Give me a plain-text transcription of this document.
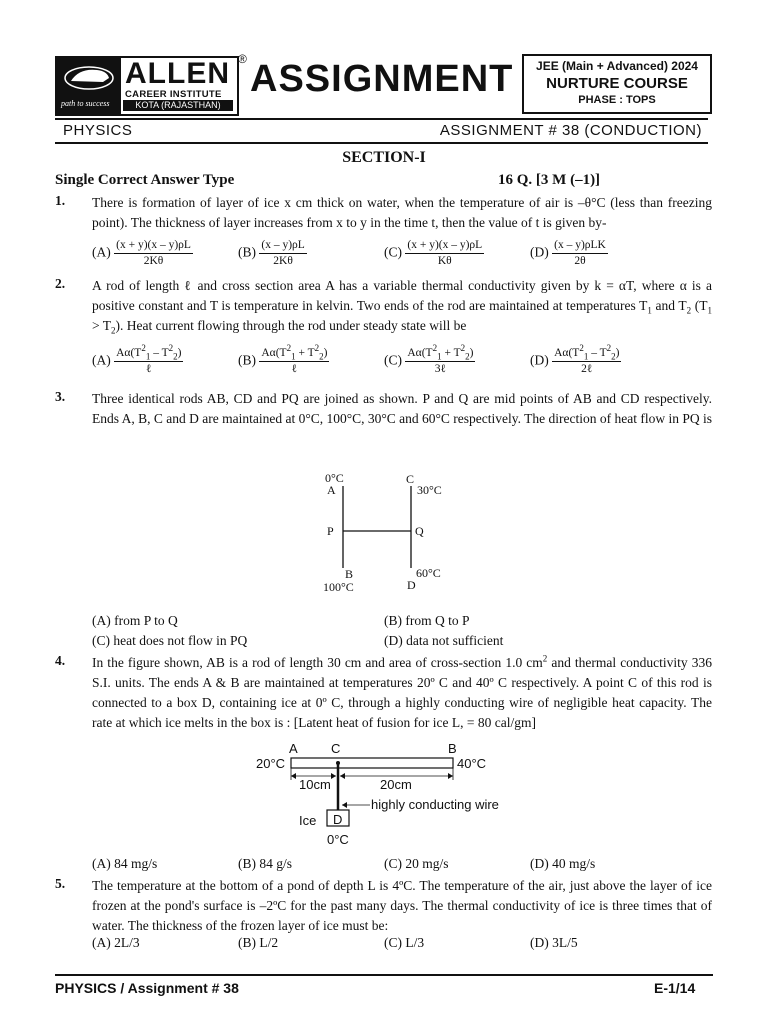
path to success
ALLEN
CAREER INSTITUTE
KOTA (RAJASTHAN)
® ASSIGNMENT	JEE (Main + Advanced) 2024
NURTURE COURSE
PHASE : TOPS
PHYSICS	ASSIGNMENT # 38 (CONDUCTION)
SECTION-I
Single Correct Answer Type	16 Q. [3 M (–1)]
1. There is formation of layer of ice x cm thick on water, when the temperature of air is –θ°C (less than freezing point). The thickness of layer increases from x to y in the time t, then the value of t is given by-
$(A) \frac{(x + y)(x - y)\rho L}{2K\theta}$	$(B) \frac{(x - y)\rho L}{2K\theta}$	$(C) \frac{(x + y)(x - y)\rho L}{K\theta}$	$(D) \frac{\text{(x – y)ρLK}}{2\theta}$
2. A rod of length ℓ and cross section area A has a variable thermal conductivity given by k = αT, where α is a positive constant and T is temperature in kelvin. Two ends of the rod are maintained at temperatures $T_1$ and $T_2$ $(T_1 > T_2)$. Heat current flowing through the rod under steady state will be
$(A) \frac{A\alpha(T^2_1 - T^2_2)}{\text{ℓ}}$	$(B) \frac{A\alpha(T^2_1 + T^2_2)}{\text{ℓ}}$	$(C) \frac{A\alpha(T^2_1 + T^2_2)}{\text{3ℓ}}$	$(D) \frac{A\alpha(T^2_1 - T^2_2)}{\text{2ℓ}}$
3. Three identical rods AB, CD and PQ are joined as shown. P and Q are mid points of AB and CD respectively. Ends A, B, C and D are maintained at 0°C, 100°C, 30°C and 60°C respectively. The direction of heat flow in PQ is
0°C
A
C
30°C
P	Q
B
100°C
60°C
D
(A) from P to Q	(B) from Q to P
(C) heat does not flow in PQ	(D) data not sufficient
4. In the figure shown, AB is a rod of length 30 cm and area of cross-section 1.0 $cm^2$ and thermal conductivity 336 S.I. units. The ends A & B are maintained at temperatures 20º C and 40º C respectively. A point C of this rod is connected to a box D, containing ice at 0º C, through a highly conducting wire of negligible heat capacity. The rate at which ice melts in the box is : [Latent heat of fusion for ice L, = 80 cal/gm]
A	C	B
20°C	40°C
10cm	20cm
highly conducting wire
Ice D
0°C
(A) 84 mg/s	(B) 84 g/s	(C) 20 mg/s	(D) 40 mg/s
5. The temperature at the bottom of a pond of depth L is 4ºC. The temperature of the air, just above the layer of ice frozen at the pond's surface is –2ºC for the past many days. The thermal conductivity of ice is three times that of water. The thickness of the frozen layer of ice must be:
(A) 2L/3	(B) L/2	(C) L/3	(D) 3L/5
PHYSICS / Assignment # 38	E-1/14
